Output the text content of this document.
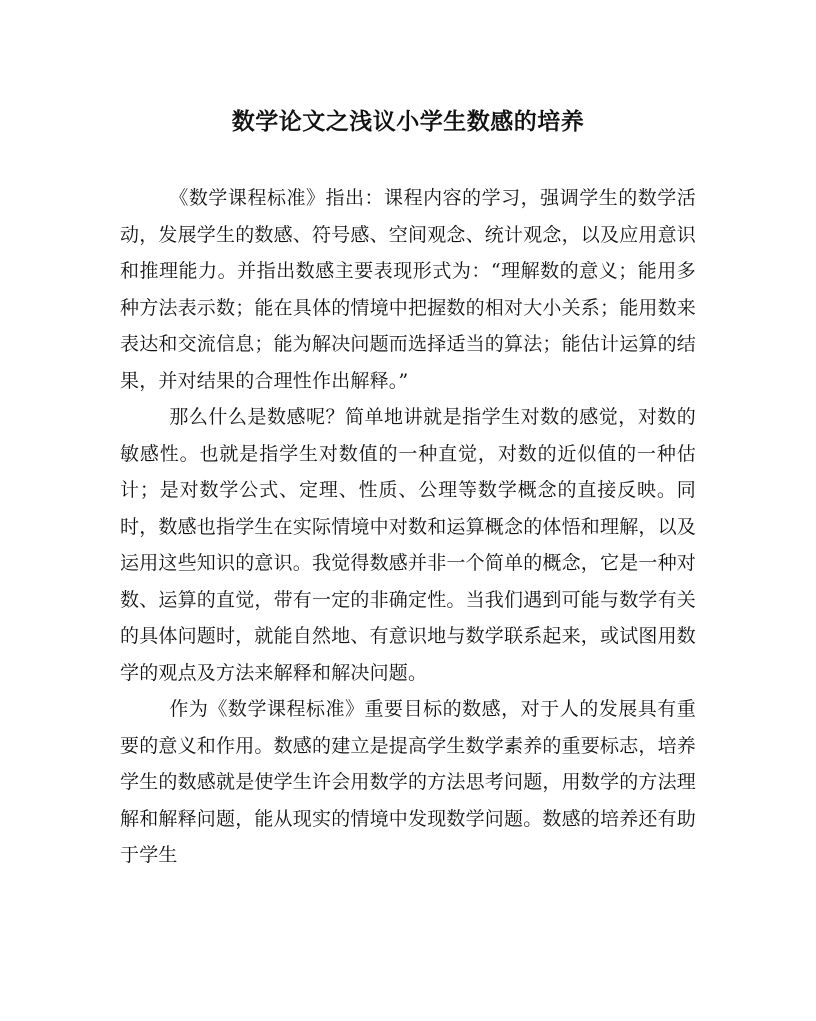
数学论文之浅议小学生数感的培养

《数学课程标准》指出：课程内容的学习，强调学生的数学活动，发展学生的数感、符号感、空间观念、统计观念，以及应用意识和推理能力。并指出数感主要表现形式为：“理解数的意义；能用多种方法表示数；能在具体的情境中把握数的相对大小关系；能用数来表达和交流信息；能为解决问题而选择适当的算法；能估计运算的结果，并对结果的合理性作出解释。”

那么什么是数感呢？简单地讲就是指学生对数的感觉，对数的敏感性。也就是指学生对数值的一种直觉，对数的近似值的一种估计；是对数学公式、定理、性质、公理等数学概念的直接反映。同时，数感也指学生在实际情境中对数和运算概念的体悟和理解，以及运用这些知识的意识。我觉得数感并非一个简单的概念，它是一种对数、运算的直觉，带有一定的非确定性。当我们遇到可能与数学有关的具体问题时，就能自然地、有意识地与数学联系起来，或试图用数学的观点及方法来解释和解决问题。

作为《数学课程标准》重要目标的数感，对于人的发展具有重要的意义和作用。数感的建立是提高学生数学素养的重要标志，培养学生的数感就是使学生许会用数学的方法思考问题，用数学的方法理解和解释问题，能从现实的情境中发现数学问题。数感的培养还有助于学生
